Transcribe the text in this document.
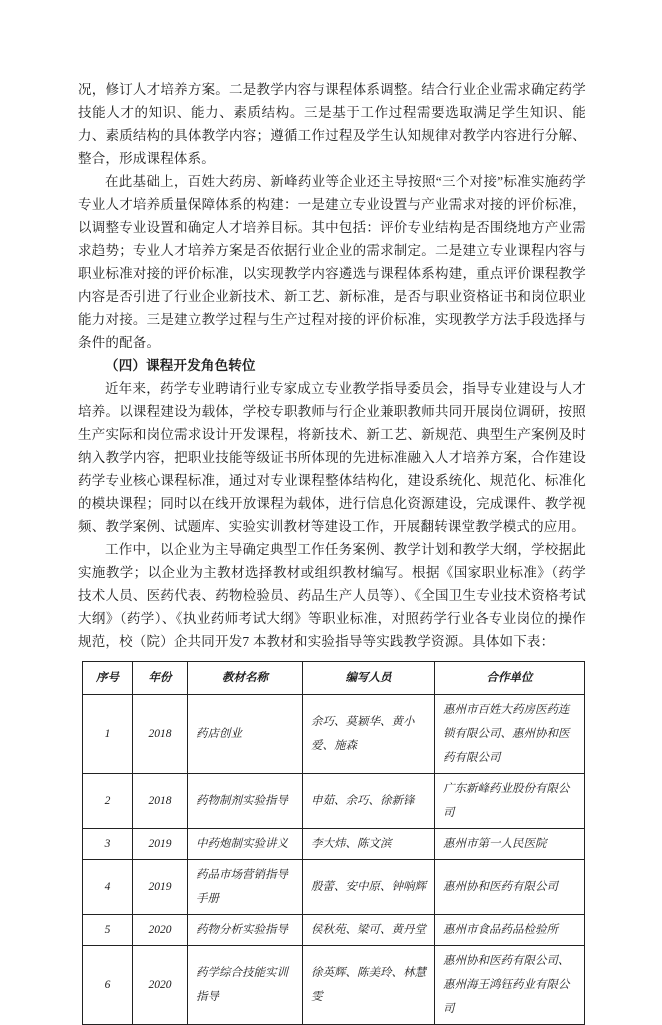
况，修订人才培养方案。二是教学内容与课程体系调整。结合行业企业需求确定药学技能人才的知识、能力、素质结构。三是基于工作过程需要选取满足学生知识、能力、素质结构的具体教学内容；遵循工作过程及学生认知规律对教学内容进行分解、整合，形成课程体系。

在此基础上，百姓大药房、新峰药业等企业还主导按照“三个对接”标准实施药学专业人才培养质量保障体系的构建：一是建立专业设置与产业需求对接的评价标准，以调整专业设置和确定人才培养目标。其中包括：评价专业结构是否围绕地方产业需求趋势；专业人才培养方案是否依据行业企业的需求制定。二是建立专业课程内容与职业标准对接的评价标准，以实现教学内容遴选与课程体系构建，重点评价课程教学内容是否引进了行业企业新技术、新工艺、新标准，是否与职业资格证书和岗位职业能力对接。三是建立教学过程与生产过程对接的评价标准，实现教学方法手段选择与条件的配备。

（四）课程开发角色转位

近年来，药学专业聘请行业专家成立专业教学指导委员会，指导专业建设与人才培养。以课程建设为载体，学校专职教师与行企业兼职教师共同开展岗位调研，按照生产实际和岗位需求设计开发课程，将新技术、新工艺、新规范、典型生产案例及时纳入教学内容，把职业技能等级证书所体现的先进标准融入人才培养方案，合作建设药学专业核心课程标准，通过对专业课程整体结构化，建设系统化、规范化、标准化的模块课程；同时以在线开放课程为载体，进行信息化资源建设，完成课件、教学视频、教学案例、试题库、实验实训教材等建设工作，开展翻转课堂教学模式的应用。

工作中，以企业为主导确定典型工作任务案例、教学计划和教学大纲，学校据此实施教学；以企业为主教材选择教材或组织教材编写。根据《国家职业标准》（药学技术人员、医药代表、药物检验员、药品生产人员等）、《全国卫生专业技术资格考试大纲》（药学）、《执业药师考试大纲》等职业标准，对照药学行业各专业岗位的操作规范，校（院）企共同开发7 本教材和实验指导等实践教学资源。具体如下表：

序号	年份	教材名称	编写人员	合作单位
1	2018	药店创业	余巧、莫颖华、黄小爱、施森	惠州市百姓大药房医药连锁有限公司、惠州协和医药有限公司
2	2018	药物制剂实验指导	申茹、余巧、徐新锋	广东新峰药业股份有限公司
3	2019	中药炮制实验讲义	李大炜、陈文滨	惠州市第一人民医院
4	2019	药品市场营销指导手册	殷蕾、安中原、钟响辉	惠州协和医药有限公司
5	2020	药物分析实验指导	侯秋苑、梁可、黄丹堂	惠州市食品药品检验所
6	2020	药学综合技能实训指导	徐英辉、陈美玲、林慧雯	惠州协和医药有限公司、惠州海王鸿钰药业有限公司
